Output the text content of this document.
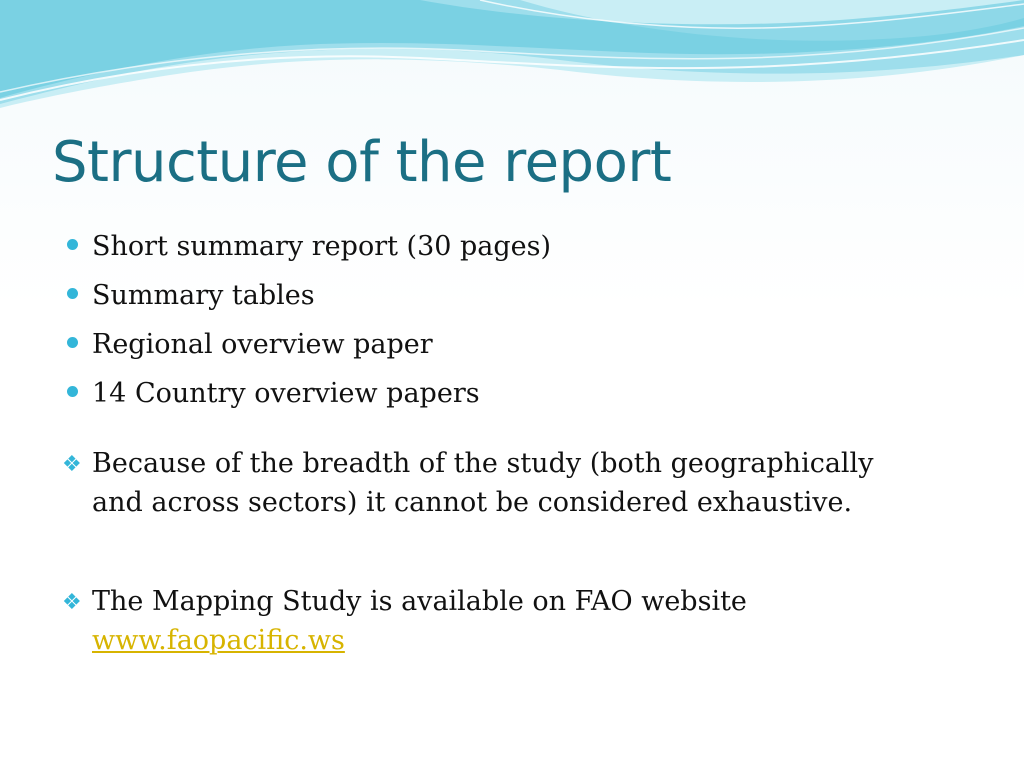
Structure of the report
Short summary report (30 pages)
Summary tables
Regional overview paper
14 Country overview papers
❖ Because of the breadth of the study (both geographically
and across sectors) it cannot be considered exhaustive.
❖ The Mapping Study is available on FAO website
www.faopacific.ws
